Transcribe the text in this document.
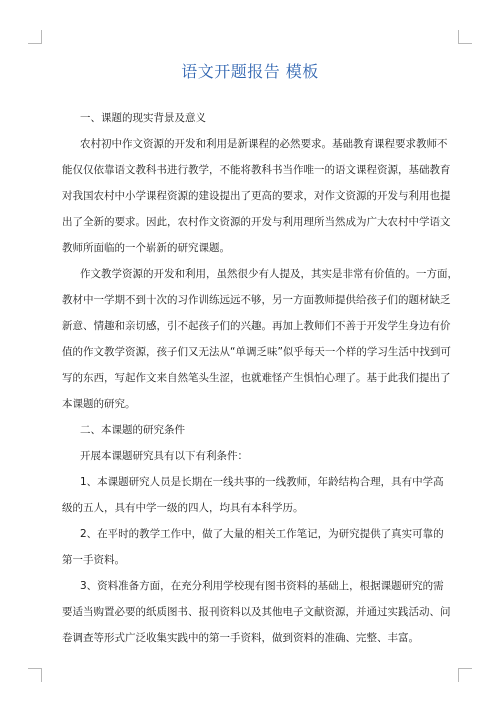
语文开题报告 模板
一、课题的现实背景及意义
农村初中作文资源的开发和利用是新课程的必然要求。基础教育课程要求教师不
能仅仅依靠语文教科书进行教学，不能将教科书当作唯一的语文课程资源，基础教育
对我国农村中小学课程资源的建设提出了更高的要求，对作文资源的开发与利用也提
出了全新的要求。因此，农村作文资源的开发与利用理所当然成为广大农村中学语文
教师所面临的一个崭新的研究课题。
作文教学资源的开发和利用，虽然很少有人提及，其实是非常有价值的。一方面，
教材中一学期不到十次的习作训练远远不够，另一方面教师提供给孩子们的题材缺乏
新意、情趣和亲切感，引不起孩子们的兴趣。再加上教师们不善于开发学生身边有价
值的作文教学资源，孩子们又无法从“单调乏味”似乎每天一个样的学习生活中找到可
写的东西，写起作文来自然笔头生涩，也就难怪产生惧怕心理了。基于此我们提出了
本课题的研究。
二、本课题的研究条件
开展本课题研究具有以下有利条件：
1、本课题研究人员是长期在一线共事的一线教师，年龄结构合理，具有中学高
级的五人，具有中学一级的四人，均具有本科学历。
2、在平时的教学工作中，做了大量的相关工作笔记，为研究提供了真实可靠的
第一手资料。
3、资料准备方面，在充分利用学校现有图书资料的基础上，根据课题研究的需
要适当购置必要的纸质图书、报刊资料以及其他电子文献资源，并通过实践活动、问
卷调查等形式广泛收集实践中的第一手资料，做到资料的准确、完整、丰富。
